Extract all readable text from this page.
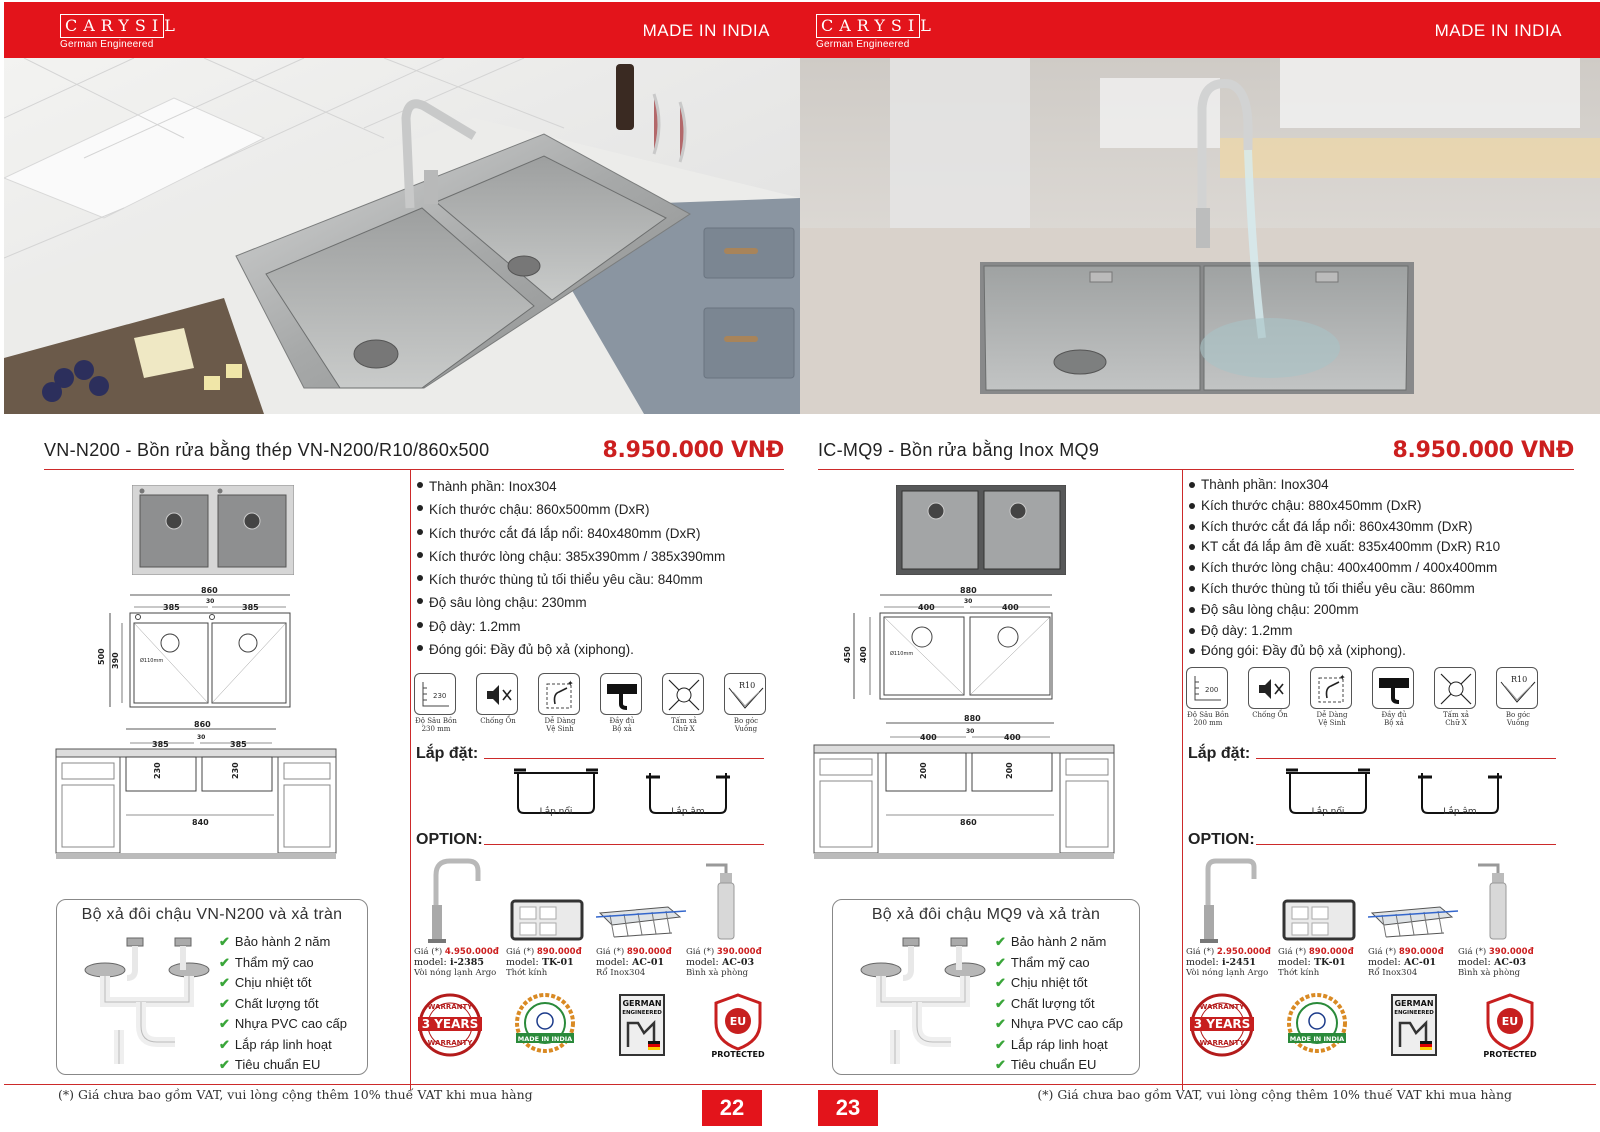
CARYSIL
German Engineered
MADE IN INDIA
VN-N200 - Bồn rửa bằng thép VN-N200/R10/860x500	8.950.000 VNĐ
860
385	385
30
Ø110mm
500 390
860
385	385
30
230	230
840
Bộ xả đôi chậu VN-N200 và xả tràn
✔ Bảo hành 2 năm
✔ Thẩm mỹ cao
✔ Chịu nhiệt tốt
✔ Chất lượng tốt
✔ Nhựa PVC cao cấp
✔ Lắp ráp linh hoạt
✔ Tiêu chuẩn EU
Thành phần: Inox304
Kích thước chậu: 860x500mm (DxR)
Kích thước cắt đá lắp nổi: 840x480mm (DxR)
Kích thước lòng chậu: 385x390mm / 385x390mm
Kích thước thùng tủ tối thiểu yêu cầu: 840mm
Độ sâu lòng chậu: 230mm
Độ dày: 1.2mm
Đóng gói: Đầy đủ bộ xả (xiphong).
230
Độ Sâu Bồn
230 mm
Chống Ồn
✦
Dễ Dàng
Vệ Sinh
Đầy đủ
Bộ xả
Tấm xả
Chữ X
R10
Bo góc
Vuông
Lắp đặt:
Lắp nổi	Lắp âm
OPTION:
Giá (*) 4.950.000đ
model: i-2385
Vòi nóng lạnh Argo
Giá (*) 890.000đ
model: TK-01
Thớt kính
Giá (*) 890.000đ
model: AC-01
Rổ Inox304
Giá (*) 390.000đ
model: AC-03
Bình xà phòng
WARRANTY
3 YEARS
WARRANTY	MADE IN INDIA
GERMAN
ENGINEERED
EU
PROTECTED
(*) Giá chưa bao gồm VAT, vui lòng cộng thêm 10% thuế VAT khi mua hàng
22
CARYSIL
German Engineered
MADE IN INDIA
IC-MQ9 - Bồn rửa bằng Inox MQ9	8.950.000 VNĐ
880
400	400
30
Ø110mm
450 400
880
400	400
30
200	200
860
Bộ xả đôi chậu MQ9 và xả tràn
✔ Bảo hành 2 năm
✔ Thẩm mỹ cao
✔ Chịu nhiệt tốt
✔ Chất lượng tốt
✔ Nhựa PVC cao cấp
✔ Lắp ráp linh hoạt
✔ Tiêu chuẩn EU
Thành phần: Inox304
Kích thước chậu: 880x450mm (DxR)
Kích thước cắt đá lắp nổi: 860x430mm (DxR)
KT cắt đá lắp âm đề xuất: 835x400mm (DxR) R10
Kích thước lòng chậu: 400x400mm / 400x400mm
Kích thước thùng tủ tối thiểu yêu cầu: 860mm
Độ sâu lòng chậu: 200mm
Độ dày: 1.2mm
Đóng gói: Đầy đủ bộ xả (xiphong).
200
Độ Sâu Bồn
200 mm
Chống Ồn
✦
Dễ Dàng
Vệ Sinh
Đầy đủ
Bộ xả
Tấm xả
Chữ X
R10
Bo góc
Vuông
Lắp đặt:
Lắp nổi	Lắp âm
OPTION:
Giá (*) 2.950.000đ
model: i-2451
Vòi nóng lạnh Argo
Giá (*) 890.000đ
model: TK-01
Thớt kính
Giá (*) 890.000đ
model: AC-01
Rổ Inox304
Giá (*) 390.000đ
model: AC-03
Bình xà phòng
WARRANTY
3 YEARS
WARRANTY	MADE IN INDIA
GERMAN
ENGINEERED
EU
PROTECTED
23
(*) Giá chưa bao gồm VAT, vui lòng cộng thêm 10% thuế VAT khi mua hàng
